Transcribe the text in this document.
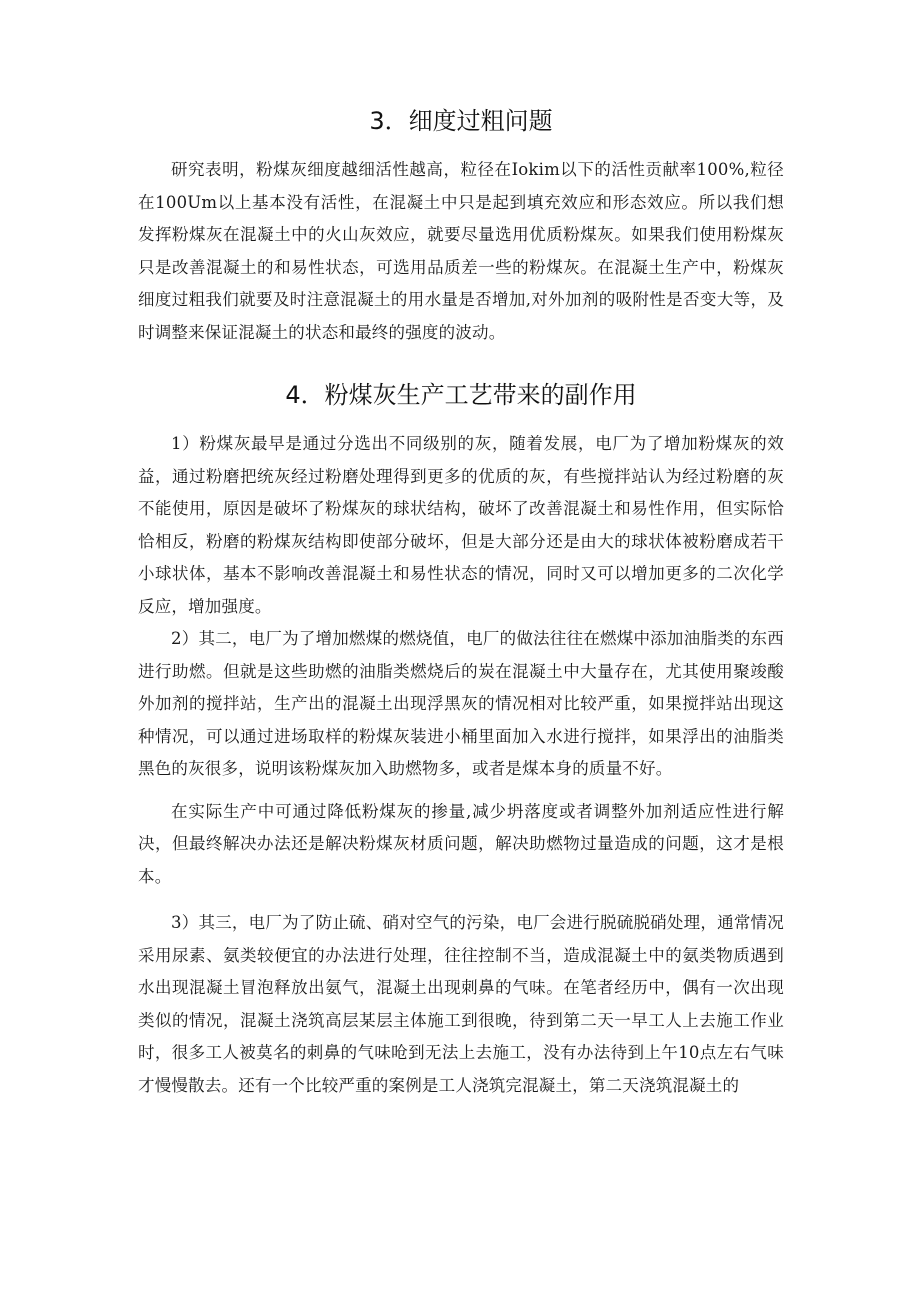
3．细度过粗问题

研究表明，粉煤灰细度越细活性越高，粒径在Iokim以下的活性贡献率100%,粒径在100Um以上基本没有活性，在混凝土中只是起到填充效应和形态效应。所以我们想发挥粉煤灰在混凝土中的火山灰效应，就要尽量选用优质粉煤灰。如果我们使用粉煤灰只是改善混凝土的和易性状态，可选用品质差一些的粉煤灰。在混凝土生产中，粉煤灰细度过粗我们就要及时注意混凝土的用水量是否增加,对外加剂的吸附性是否变大等，及时调整来保证混凝土的状态和最终的强度的波动。

4．粉煤灰生产工艺带来的副作用

1）粉煤灰最早是通过分选出不同级别的灰，随着发展，电厂为了增加粉煤灰的效益，通过粉磨把统灰经过粉磨处理得到更多的优质的灰，有些搅拌站认为经过粉磨的灰不能使用，原因是破坏了粉煤灰的球状结构，破坏了改善混凝土和易性作用，但实际恰恰相反，粉磨的粉煤灰结构即使部分破坏，但是大部分还是由大的球状体被粉磨成若干小球状体，基本不影响改善混凝土和易性状态的情况，同时又可以增加更多的二次化学反应，增加强度。

2）其二，电厂为了增加燃煤的燃烧值，电厂的做法往往在燃煤中添加油脂类的东西进行助燃。但就是这些助燃的油脂类燃烧后的炭在混凝土中大量存在，尤其使用聚竣酸外加剂的搅拌站，生产出的混凝土出现浮黑灰的情况相对比较严重，如果搅拌站出现这种情况，可以通过进场取样的粉煤灰装进小桶里面加入水进行搅拌，如果浮出的油脂类黑色的灰很多，说明该粉煤灰加入助燃物多，或者是煤本身的质量不好。

在实际生产中可通过降低粉煤灰的掺量,减少坍落度或者调整外加剂适应性进行解决，但最终解决办法还是解决粉煤灰材质问题，解决助燃物过量造成的问题，这才是根本。

3）其三，电厂为了防止硫、硝对空气的污染，电厂会进行脱硫脱硝处理，通常情况采用尿素、氨类较便宜的办法进行处理，往往控制不当，造成混凝土中的氨类物质遇到水出现混凝土冒泡释放出氨气，混凝土出现刺鼻的气味。在笔者经历中，偶有一次出现类似的情况，混凝土浇筑高层某层主体施工到很晚，待到第二天一早工人上去施工作业时，很多工人被莫名的刺鼻的气味呛到无法上去施工，没有办法待到上午10点左右气味才慢慢散去。还有一个比较严重的案例是工人浇筑完混凝土，第二天浇筑混凝土的
